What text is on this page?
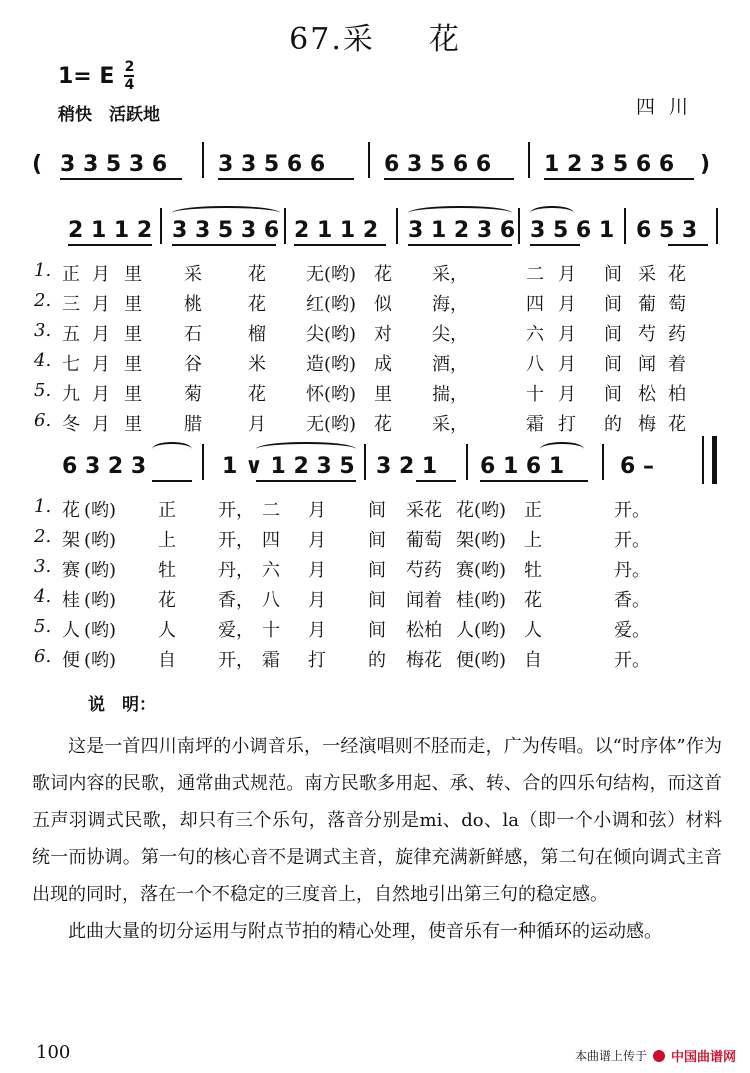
67.采 花
1= E 2
4
稍快　活跃地	四川
( 3 3 5 3 6 3 3 5 6 6	6 3 5 6 6 1 2 3 5 6 6 )
2 1 1 2 3 3 5 3 6 2 1 1 2 3 1 2 3 6 3 5 6 1 6 5 3
1. 正 月 里 采	花 无(哟) 花 采，	二 月 间 采 花
2. 三 月 里 桃	花 红(哟) 似 海，	四 月 间 葡 萄
3. 五 月 里 石	榴 尖(哟) 对 尖，	六 月 间 芍 药
4. 七 月 里 谷	米 造(哟) 成 酒，	八 月 间 闻 着
5. 九 月 里 菊	花 怀(哟) 里 揣，	十 月 间 松 柏
6. 冬 月 里 腊	月 无(哟) 花 采，	霜 打 的 梅 花
6 3 2 3	1 ∨ 1 2 3 5 3 2 1 6 1 6 1	6 –
1. 花 (哟) 正 开， 二 月 间 采花 花(哟) 正	开。
2. 架 (哟) 上 开， 四 月 间 葡萄 架(哟) 上	开。
3. 赛 (哟) 牡 丹， 六 月 间 芍药 赛(哟) 牡	丹。
4. 桂 (哟) 花 香， 八 月 间 闻着 桂(哟) 花	香。
5. 人 (哟) 人 爱， 十 月 间 松柏 人(哟) 人	爱。
6. 便 (哟) 自 开， 霜 打 的 梅花 便(哟) 自	开。
说　明：

这是一首四川南坪的小调音乐，一经演唱则不胫而走，广为传唱。以“时序体”作为歌词内容的民歌，通常曲式规范。南方民歌多用起、承、转、合的四乐句结构，而这首五声羽调式民歌，却只有三个乐句，落音分别是mi、do、la（即一个小调和弦）材料统一而协调。第一句的核心音不是调式主音，旋律充满新鲜感，第二句在倾向调式主音出现的同时，落在一个不稳定的三度音上，自然地引出第三句的稳定感。

此曲大量的切分运用与附点节拍的精心处理，使音乐有一种循环的运动感。

100	本曲谱上传于 中国曲谱网
